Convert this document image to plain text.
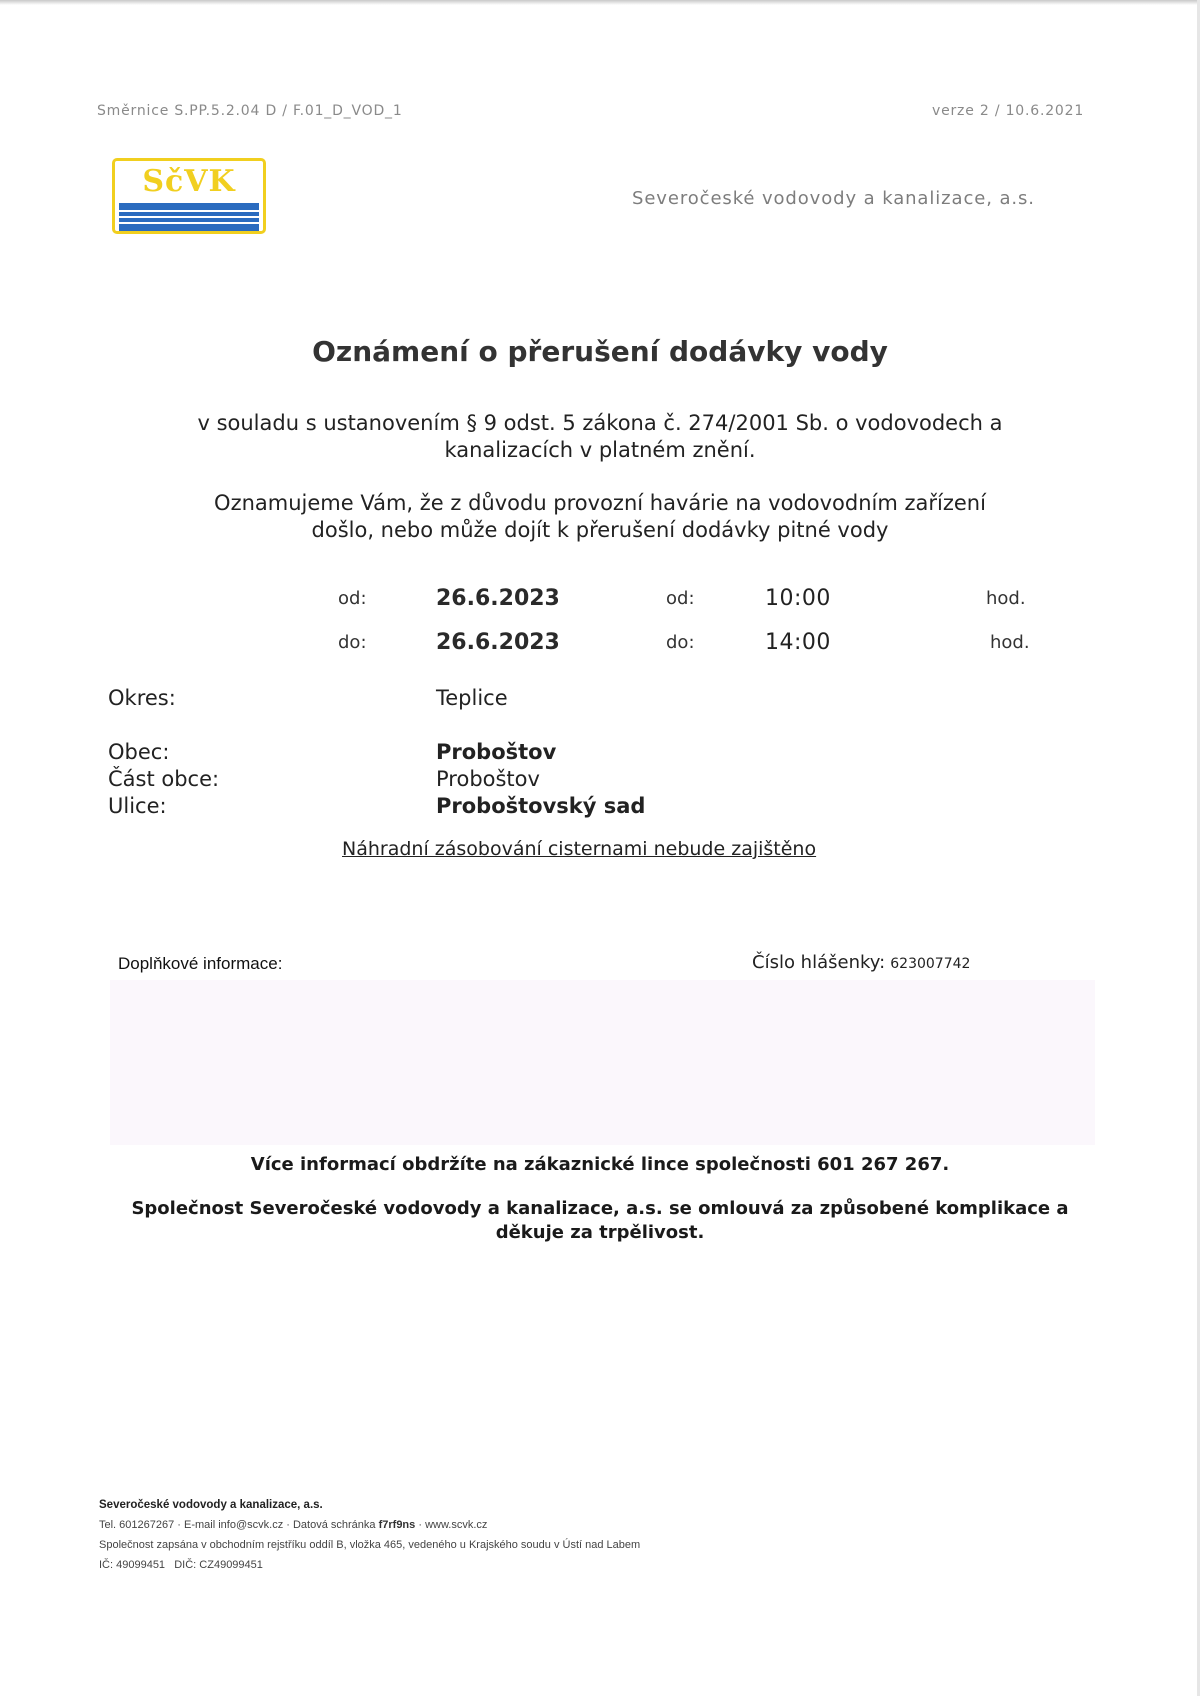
Směrnice S.PP.5.2.04 D / F.01_D_VOD_1	verze 2 / 10.6.2021
SčVK	Severočeské vodovody a kanalizace, a.s.
Oznámení o přerušení dodávky vody
v souladu s ustanovením § 9 odst. 5 zákona č. 274/2001 Sb. o vodovodech a
kanalizacích v platném znění.
Oznamujeme Vám, že z důvodu provozní havárie na vodovodním zařízení
došlo, nebo může dojít k přerušení dodávky pitné vody
od:	26.6.2023	od:	10:00	hod.
do:	26.6.2023	do:	14:00	hod.
Okres:	Teplice
Obec:	Proboštov
Část obce:	Proboštov
Ulice:	Proboštovský sad
Náhradní zásobování cisternami nebude zajištěno
Doplňkové informace:	Číslo hlášenky: 623007742
Více informací obdržíte na zákaznické lince společnosti 601 267 267.
Společnost Severočeské vodovody a kanalizace, a.s. se omlouvá za způsobené komplikace a
děkuje za trpělivost.
Severočeské vodovody a kanalizace, a.s.
Tel. 601267267 · E-mail info@scvk.cz · Datová schránka f7rf9ns · www.scvk.cz
Společnost zapsána v obchodním rejstříku oddíl B, vložka 465, vedeného u Krajského soudu v Ústí nad Labem
IČ: 49099451 DIČ: CZ49099451
